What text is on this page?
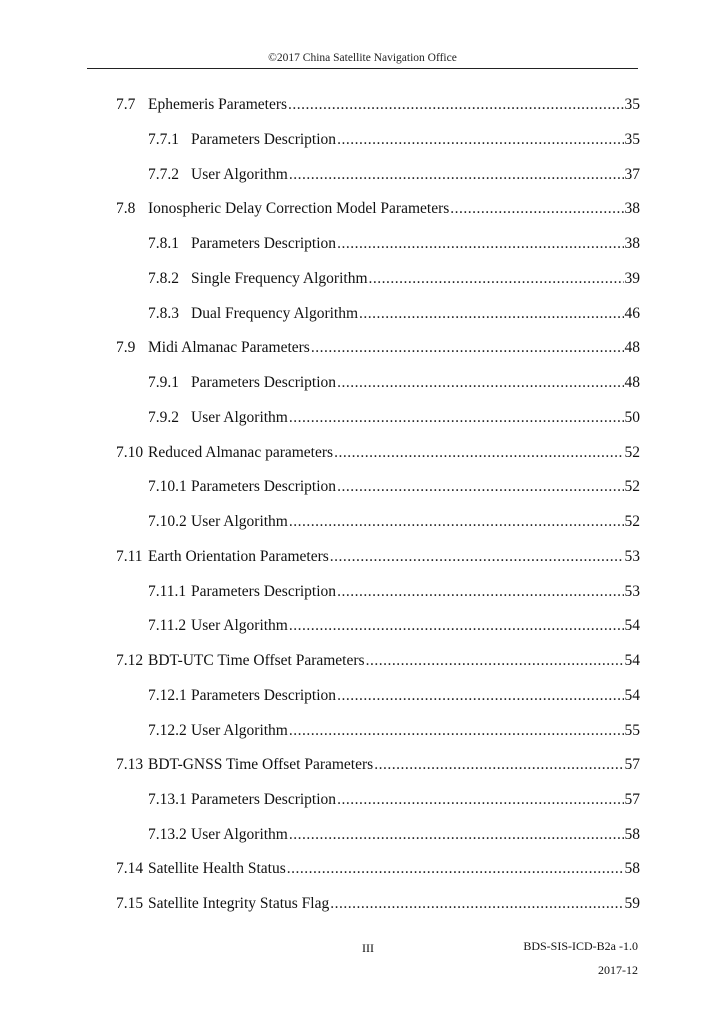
©2017 China Satellite Navigation Office
7.7 Ephemeris Parameters .....	35
7.7.1 Parameters Description .....	35
7.7.2 User Algorithm .....	37
7.8 Ionospheric Delay Correction Model Parameters .....	38
7.8.1 Parameters Description .....	38
7.8.2 Single Frequency Algorithm .....	39
7.8.3 Dual Frequency Algorithm .....	46
7.9 Midi Almanac Parameters .....	48
7.9.1 Parameters Description .....	48
7.9.2 User Algorithm .....	50
7.10 Reduced Almanac parameters .....	52
7.10.1 Parameters Description .....	52
7.10.2 User Algorithm .....	52
7.11 Earth Orientation Parameters .....	53
7.11.1 Parameters Description .....	53
7.11.2 User Algorithm .....	54
7.12 BDT-UTC Time Offset Parameters .....	54
7.12.1 Parameters Description .....	54
7.12.2 User Algorithm .....	55
7.13 BDT-GNSS Time Offset Parameters .....	57
7.13.1 Parameters Description .....	57
7.13.2 User Algorithm .....	58
7.14 Satellite Health Status .....	58
7.15 Satellite Integrity Status Flag .....	59
III	BDS-SIS-ICD-B2a -1.0
2017-12
